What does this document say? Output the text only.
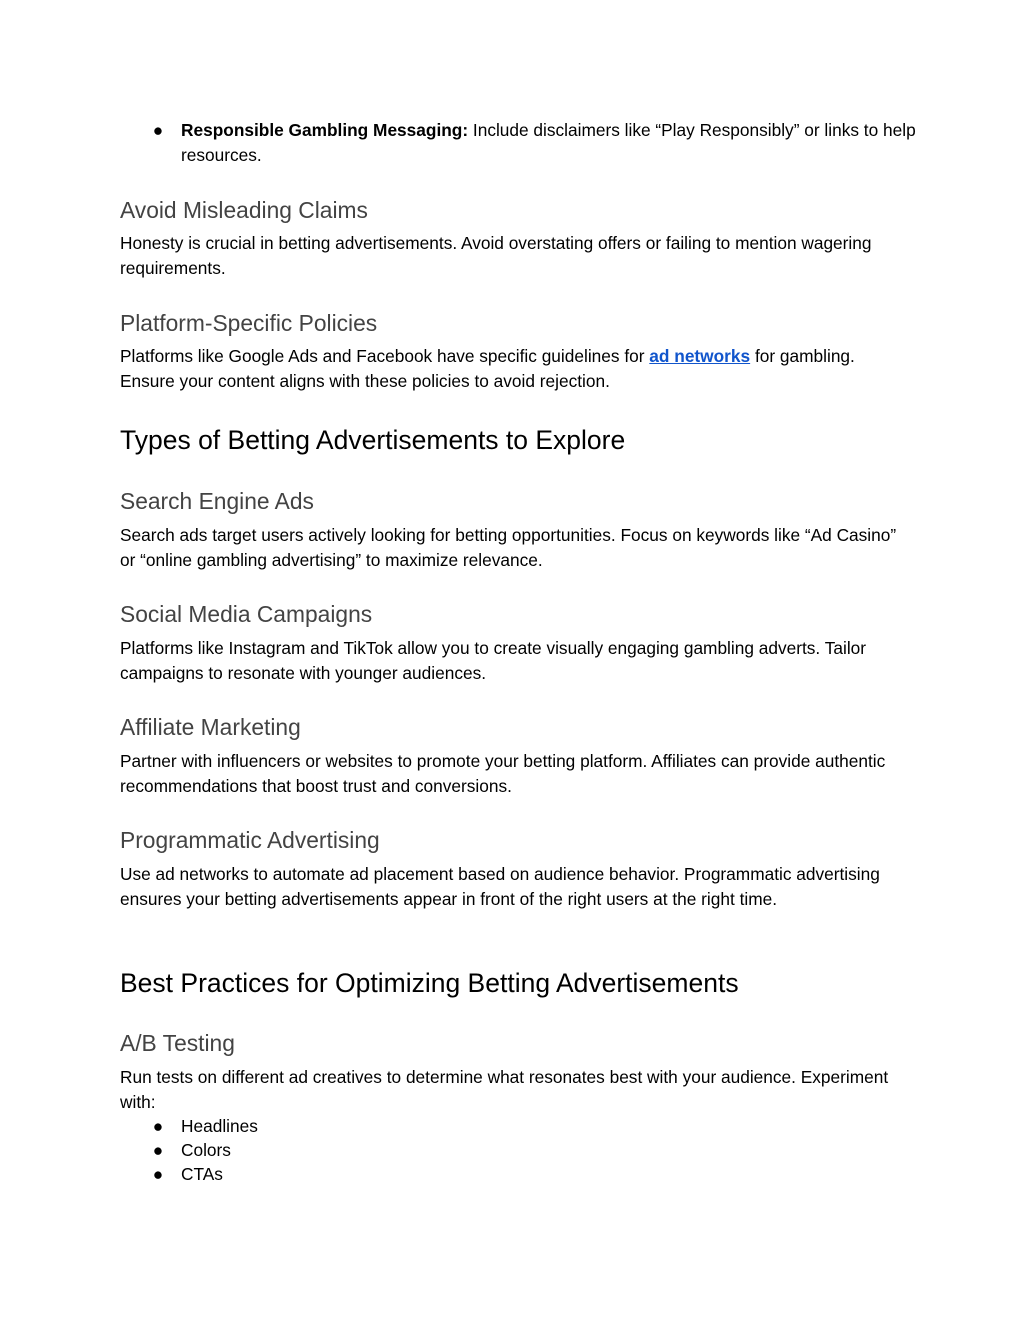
● Responsible Gambling Messaging: Include disclaimers like “Play Responsibly” or links to help resources.
Avoid Misleading Claims

Honesty is crucial in betting advertisements. Avoid overstating offers or failing to mention wagering requirements.

Platform-Specific Policies

Platforms like Google Ads and Facebook have specific guidelines for ad networks for gambling. Ensure your content aligns with these policies to avoid rejection.

Types of Betting Advertisements to Explore
Search Engine Ads

Search ads target users actively looking for betting opportunities. Focus on keywords like “Ad Casino” or “online gambling advertising” to maximize relevance.

Social Media Campaigns

Platforms like Instagram and TikTok allow you to create visually engaging gambling adverts. Tailor campaigns to resonate with younger audiences.

Affiliate Marketing

Partner with influencers or websites to promote your betting platform. Affiliates can provide authentic recommendations that boost trust and conversions.

Programmatic Advertising

Use ad networks to automate ad placement based on audience behavior. Programmatic advertising ensures your betting advertisements appear in front of the right users at the right time.

Best Practices for Optimizing Betting Advertisements
A/B Testing

Run tests on different ad creatives to determine what resonates best with your audience. Experiment with:

● Headlines
● Colors
● CTAs
